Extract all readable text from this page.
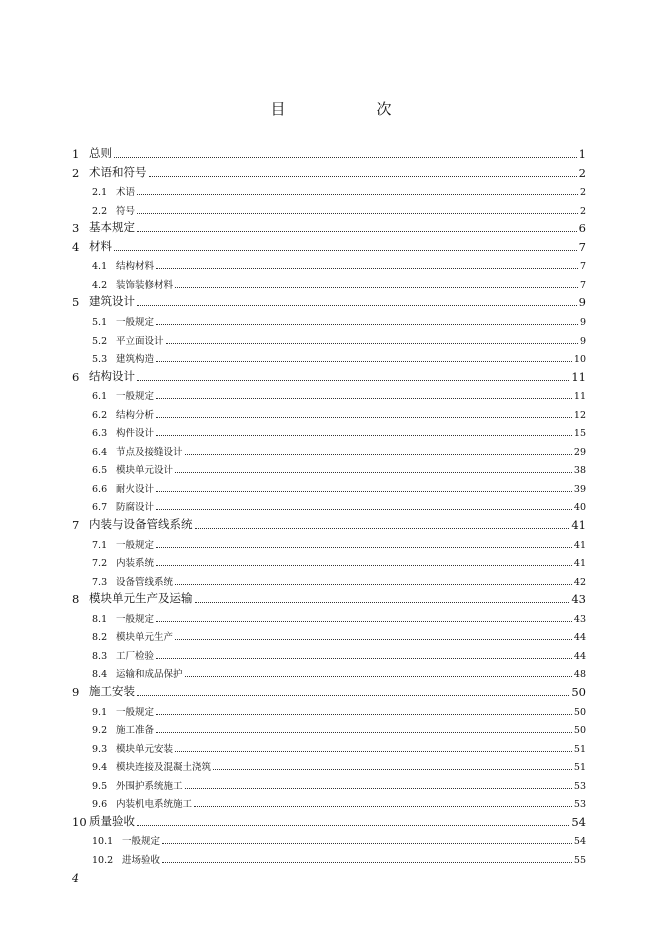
目　次
1 总则	1
2 术语和符号	2
2.1 术语	2
2.2 符号	2
3 基本规定	6
4 材料	7
4.1 结构材料	7
4.2 装饰装修材料	7
5 建筑设计	9
5.1 一般规定	9
5.2 平立面设计	9
5.3 建筑构造	10
6 结构设计	11
6.1 一般规定	11
6.2 结构分析	12
6.3 构件设计	15
6.4 节点及接缝设计	29
6.5 模块单元设计	38
6.6 耐火设计	39
6.7 防腐设计	40
7 内装与设备管线系统	41
7.1 一般规定	41
7.2 内装系统	41
7.3 设备管线系统	42
8 模块单元生产及运输	43
8.1 一般规定	43
8.2 模块单元生产	44
8.3 工厂检验	44
8.4 运输和成品保护	48
9 施工安装	50
9.1 一般规定	50
9.2 施工准备	50
9.3 模块单元安装	51
9.4 模块连接及混凝土浇筑	51
9.5 外围护系统施工	53
9.6 内装机电系统施工	53
10 质量验收	54
10.1 一般规定	54
10.2 进场验收	55
4
